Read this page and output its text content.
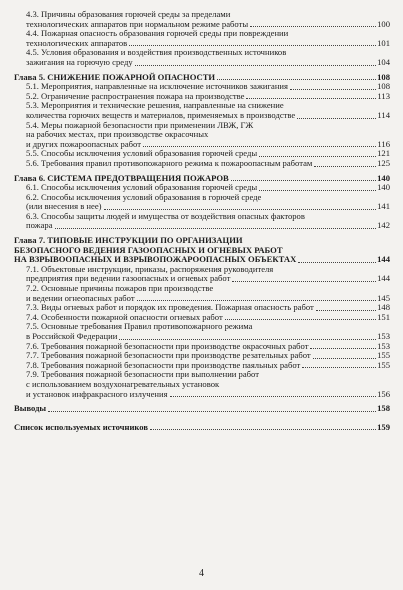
4.3. Причины образования горючей среды за пределами
технологических аппаратов при нормальном режиме работы	100
4.4. Пожарная опасность образования горючей среды при повреждении
технологических аппаратов	101
4.5. Условия образования и воздействия производственных источников
зажигания на горючую среду	104
Глава 5. СНИЖЕНИЕ ПОЖАРНОЙ ОПАСНОСТИ	108
5.1. Мероприятия, направленные на исключение источников зажигания	108
5.2. Ограничение распространения пожара на производстве	113
5.3. Мероприятия и технические решения, направленные на снижение
количества горючих веществ и материалов, применяемых в производстве	114
5.4. Меры пожарной безопасности при применении ЛВЖ, ГЖ
на рабочих местах, при производстве окрасочных
и других пожароопасных работ	116
5.5. Способы исключения условий образования горючей среды	121
5.6. Требования правил противопожарного режима к пожароопасным работам	125
Глава 6. СИСТЕМА ПРЕДОТВРАЩЕНИЯ ПОЖАРОВ	140
6.1. Способы исключения условий образования горючей среды	140
6.2. Способы исключения условий образования в горючей среде
(или внесения в нее)	141
6.3. Способы защиты людей и имущества от воздействия опасных факторов
пожара	142
Глава 7. ТИПОВЫЕ ИНСТРУКЦИИ ПО ОРГАНИЗАЦИИ
БЕЗОПАСНОГО ВЕДЕНИЯ ГАЗООПАСНЫХ И ОГНЕВЫХ РАБОТ
НА ВЗРЫВООПАСНЫХ И ВЗРЫВОПОЖАРООПАСНЫХ ОБЪЕКТАХ	144
7.1. Объектовые инструкции, приказы, распоряжения руководителя
предприятия при ведении газоопасных и огневых работ	144
7.2. Основные причины пожаров при производстве
и ведении огнеопасных работ	145
7.3. Виды огневых работ и порядок их проведения. Пожарная опасность работ	148
7.4. Особенности пожарной опасности огневых работ	151
7.5. Основные требования Правил противопожарного режима
в Российской Федерации	153
7.6. Требования пожарной безопасности при производстве окрасочных работ	153
7.7. Требования пожарной безопасности при производстве резательных работ	155
7.8. Требования пожарной безопасности при производстве паяльных работ	155
7.9. Требования пожарной безопасности при выполнении работ
с использованием воздухонагревательных установок
и установок инфракрасного излучения	156
Выводы	158
Список используемых источников	159
4
